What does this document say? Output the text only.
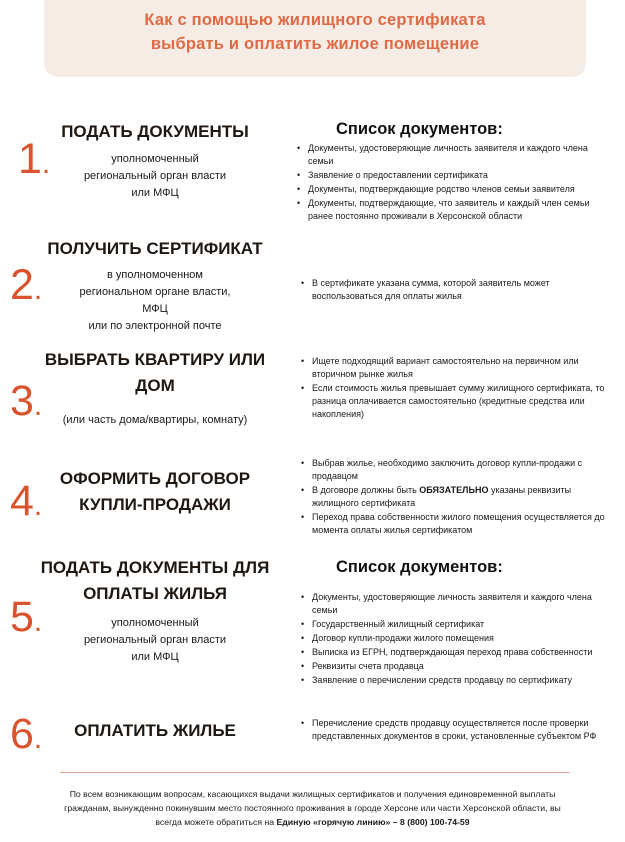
Как с помощью жилищного сертификата
выбрать и оплатить жилое помещение
1.
ПОДАТЬ ДОКУМЕНТЫ
уполномоченный
региональный орган власти
или МФЦ
Список документов:
• Документы, удостоверяющие личность заявителя и каждого члена семьи
• Заявление о предоставлении сертификата
• Документы, подтверждающие родство членов семьи заявителя
• Документы, подтверждающие, что заявитель и каждый член семьи ранее постоянно проживали в Херсонской области
2.
ПОЛУЧИТЬ СЕРТИФИКАТ
в уполномоченном
региональном органе власти,
МФЦ
или по электронной почте
• В сертификате указана сумма, которой заявитель может воспользоваться для оплаты жилья
3.
ВЫБРАТЬ КВАРТИРУ ИЛИ
ДОМ
(или часть дома/квартиры, комнату)
• Ищете подходящий вариант самостоятельно на первичном или вторичном рынке жилья
• Если стоимость жилья превышает сумму жилищного сертификата, то разница оплачивается самостоятельно (кредитные средства или накопления)
4.
ОФОРМИТЬ ДОГОВОР
КУПЛИ-ПРОДАЖИ
• Выбрав жилье, необходимо заключить договор купли-продажи с продавцом
• В договоре должны быть ОБЯЗАТЕЛЬНО указаны реквизиты жилищного сертификата
• Переход права собственности жилого помещения осуществляется до момента оплаты жилья сертификатом
5.
ПОДАТЬ ДОКУМЕНТЫ ДЛЯ
ОПЛАТЫ ЖИЛЬЯ
уполномоченный
региональный орган власти
или МФЦ
Список документов:
• Документы, удостоверяющие личность заявителя и каждого члена семьи
• Государственный жилищный сертификат
• Договор купли-продажи жилого помещения
• Выписка из ЕГРН, подтверждающая переход права собственности
• Реквизиты счета продавца
• Заявление о перечислении средств продавцу по сертификату
6.	ОПЛАТИТЬ ЖИЛЬЕ
•	Перечисление средств продавцу осуществляется после проверки представленных документов в сроки, установленные субъектом РФ
По всем возникающим вопросам, касающихся выдачи жилищных сертификатов и получения единовременной выплаты
гражданам, вынужденно покинувшим место постоянного проживания в городе Херсоне или части Херсонской области, вы
всегда можете обратиться на Единую «горячую линию» – 8 (800) 100-74-59
